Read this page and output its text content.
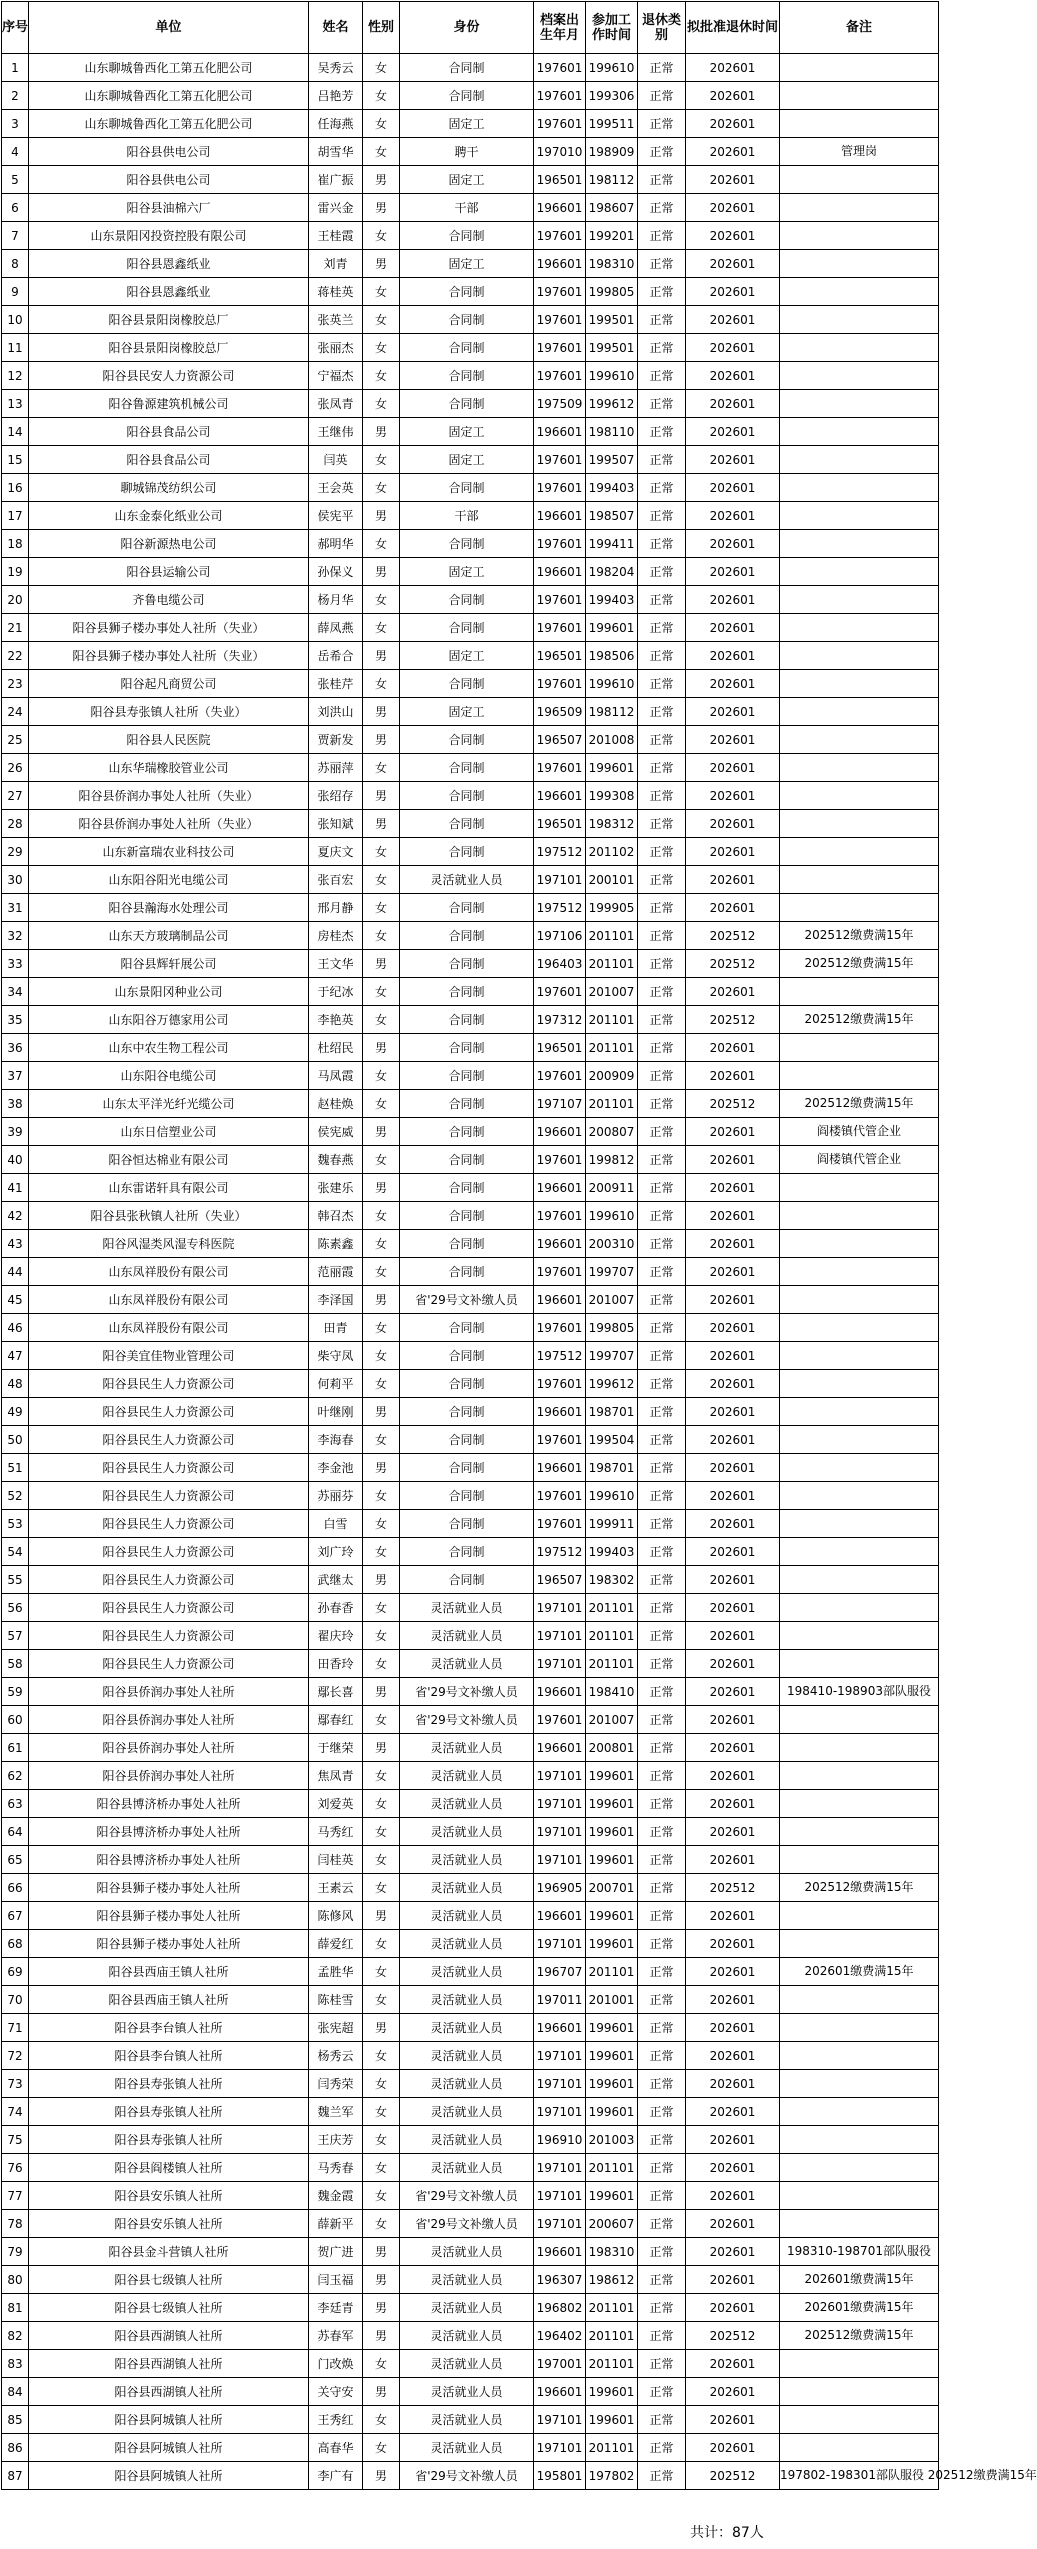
序号	单位	姓名	性别	身份	档案出生年月	参加工作时间	退休类别	拟批准退休时间	备注
1	山东聊城鲁西化工第五化肥公司	吴秀云	女	合同制	197601	199610	正常	202601	
2	山东聊城鲁西化工第五化肥公司	吕艳芳	女	合同制	197601	199306	正常	202601	
3	山东聊城鲁西化工第五化肥公司	任海燕	女	固定工	197601	199511	正常	202601	
4	阳谷县供电公司	胡雪华	女	聘干	197010	198909	正常	202601	管理岗
5	阳谷县供电公司	崔广振	男	固定工	196501	198112	正常	202601	
6	阳谷县油棉六厂	雷兴金	男	干部	196601	198607	正常	202601	
7	山东景阳冈投资控股有限公司	王桂霞	女	合同制	197601	199201	正常	202601	
8	阳谷县恩鑫纸业	刘青	男	固定工	196601	198310	正常	202601	
9	阳谷县恩鑫纸业	蒋桂英	女	合同制	197601	199805	正常	202601	
10	阳谷县景阳岗橡胶总厂	张英兰	女	合同制	197601	199501	正常	202601	
11	阳谷县景阳岗橡胶总厂	张丽杰	女	合同制	197601	199501	正常	202601	
12	阳谷县民安人力资源公司	宁福杰	女	合同制	197601	199610	正常	202601	
13	阳谷鲁源建筑机械公司	张凤青	女	合同制	197509	199612	正常	202601	
14	阳谷县食品公司	王继伟	男	固定工	196601	198110	正常	202601	
15	阳谷县食品公司	闫英	女	固定工	197601	199507	正常	202601	
16	聊城锦茂纺织公司	王会英	女	合同制	197601	199403	正常	202601	
17	山东金泰化纸业公司	侯宪平	男	干部	196601	198507	正常	202601	
18	阳谷新源热电公司	郝明华	女	合同制	197601	199411	正常	202601	
19	阳谷县运输公司	孙保义	男	固定工	196601	198204	正常	202601	
20	齐鲁电缆公司	杨月华	女	合同制	197601	199403	正常	202601	
21	阳谷县狮子楼办事处人社所（失业）	薛凤燕	女	合同制	197601	199601	正常	202601	
22	阳谷县狮子楼办事处人社所（失业）	岳希合	男	固定工	196501	198506	正常	202601	
23	阳谷起凡商贸公司	张桂芹	女	合同制	197601	199610	正常	202601	
24	阳谷县寿张镇人社所（失业）	刘洪山	男	固定工	196509	198112	正常	202601	
25	阳谷县人民医院	贾新发	男	合同制	196507	201008	正常	202601	
26	山东华瑞橡胶管业公司	苏丽萍	女	合同制	197601	199601	正常	202601	
27	阳谷县侨润办事处人社所（失业）	张绍存	男	合同制	196601	199308	正常	202601	
28	阳谷县侨润办事处人社所（失业）	张知斌	男	合同制	196501	198312	正常	202601	
29	山东新富瑞农业科技公司	夏庆文	女	合同制	197512	201102	正常	202601	
30	山东阳谷阳光电缆公司	张百宏	女	灵活就业人员	197101	200101	正常	202601	
31	阳谷县瀚海水处理公司	邢月静	女	合同制	197512	199905	正常	202601	
32	山东天方玻璃制品公司	房桂杰	女	合同制	197106	201101	正常	202512	202512缴费满15年
33	阳谷县辉轩展公司	王文华	男	合同制	196403	201101	正常	202512	202512缴费满15年
34	山东景阳冈种业公司	于纪冰	女	合同制	197601	201007	正常	202601	
35	山东阳谷万德家用公司	李艳英	女	合同制	197312	201101	正常	202512	202512缴费满15年
36	山东中农生物工程公司	杜绍民	男	合同制	196501	201101	正常	202601	
37	山东阳谷电缆公司	马凤霞	女	合同制	197601	200909	正常	202601	
38	山东太平洋光纤光缆公司	赵桂焕	女	合同制	197107	201101	正常	202512	202512缴费满15年
39	山东日信塑业公司	侯宪威	男	合同制	196601	200807	正常	202601	阎楼镇代管企业
40	阳谷恒达棉业有限公司	魏春燕	女	合同制	197601	199812	正常	202601	阎楼镇代管企业
41	山东雷诺轩具有限公司	张建乐	男	合同制	196601	200911	正常	202601	
42	阳谷县张秋镇人社所（失业）	韩召杰	女	合同制	197601	199610	正常	202601	
43	阳谷风湿类风湿专科医院	陈素鑫	女	合同制	196601	200310	正常	202601	
44	山东凤祥股份有限公司	范丽霞	女	合同制	197601	199707	正常	202601	
45	山东凤祥股份有限公司	李泽国	男	省'29号文补缴人员	196601	201007	正常	202601	
46	山东凤祥股份有限公司	田青	女	合同制	197601	199805	正常	202601	
47	阳谷美宜佳物业管理公司	柴守凤	女	合同制	197512	199707	正常	202601	
48	阳谷县民生人力资源公司	何莉平	女	合同制	197601	199612	正常	202601	
49	阳谷县民生人力资源公司	叶继刚	男	合同制	196601	198701	正常	202601	
50	阳谷县民生人力资源公司	李海春	女	合同制	197601	199504	正常	202601	
51	阳谷县民生人力资源公司	李金池	男	合同制	196601	198701	正常	202601	
52	阳谷县民生人力资源公司	苏丽芬	女	合同制	197601	199610	正常	202601	
53	阳谷县民生人力资源公司	白雪	女	合同制	197601	199911	正常	202601	
54	阳谷县民生人力资源公司	刘广玲	女	合同制	197512	199403	正常	202601	
55	阳谷县民生人力资源公司	武继太	男	合同制	196507	198302	正常	202601	
56	阳谷县民生人力资源公司	孙春香	女	灵活就业人员	197101	201101	正常	202601	
57	阳谷县民生人力资源公司	翟庆玲	女	灵活就业人员	197101	201101	正常	202601	
58	阳谷县民生人力资源公司	田香玲	女	灵活就业人员	197101	201101	正常	202601	
59	阳谷县侨润办事处人社所	鄢长喜	男	省'29号文补缴人员	196601	198410	正常	202601	198410-198903部队服役
60	阳谷县侨润办事处人社所	鄢春红	女	省'29号文补缴人员	197601	201007	正常	202601	
61	阳谷县侨润办事处人社所	于继荣	男	灵活就业人员	196601	200801	正常	202601	
62	阳谷县侨润办事处人社所	焦凤青	女	灵活就业人员	197101	199601	正常	202601	
63	阳谷县博济桥办事处人社所	刘爱英	女	灵活就业人员	197101	199601	正常	202601	
64	阳谷县博济桥办事处人社所	马秀红	女	灵活就业人员	197101	199601	正常	202601	
65	阳谷县博济桥办事处人社所	闫桂英	女	灵活就业人员	197101	199601	正常	202601	
66	阳谷县狮子楼办事处人社所	王素云	女	灵活就业人员	196905	200701	正常	202512	202512缴费满15年
67	阳谷县狮子楼办事处人社所	陈修风	男	灵活就业人员	196601	199601	正常	202601	
68	阳谷县狮子楼办事处人社所	薛爱红	女	灵活就业人员	197101	199601	正常	202601	
69	阳谷县西庙王镇人社所	孟胜华	女	灵活就业人员	196707	201101	正常	202601	202601缴费满15年
70	阳谷县西庙王镇人社所	陈桂雪	女	灵活就业人员	197011	201001	正常	202601	
71	阳谷县李台镇人社所	张宪超	男	灵活就业人员	196601	199601	正常	202601	
72	阳谷县李台镇人社所	杨秀云	女	灵活就业人员	197101	199601	正常	202601	
73	阳谷县寿张镇人社所	闫秀荣	女	灵活就业人员	197101	199601	正常	202601	
74	阳谷县寿张镇人社所	魏兰军	女	灵活就业人员	197101	199601	正常	202601	
75	阳谷县寿张镇人社所	王庆芳	女	灵活就业人员	196910	201003	正常	202601	
76	阳谷县阎楼镇人社所	马秀春	女	灵活就业人员	197101	201101	正常	202601	
77	阳谷县安乐镇人社所	魏金霞	女	省'29号文补缴人员	197101	199601	正常	202601	
78	阳谷县安乐镇人社所	薛新平	女	省'29号文补缴人员	197101	200607	正常	202601	
79	阳谷县金斗营镇人社所	贺广进	男	灵活就业人员	196601	198310	正常	202601	198310-198701部队服役
80	阳谷县七级镇人社所	闫玉福	男	灵活就业人员	196307	198612	正常	202601	202601缴费满15年
81	阳谷县七级镇人社所	李廷青	男	灵活就业人员	196802	201101	正常	202601	202601缴费满15年
82	阳谷县西湖镇人社所	苏春军	男	灵活就业人员	196402	201101	正常	202512	202512缴费满15年
83	阳谷县西湖镇人社所	门改焕	女	灵活就业人员	197001	201101	正常	202601	
84	阳谷县西湖镇人社所	关守安	男	灵活就业人员	196601	199601	正常	202601	
85	阳谷县阿城镇人社所	王秀红	女	灵活就业人员	197101	199601	正常	202601	
86	阳谷县阿城镇人社所	高春华	女	灵活就业人员	197101	201101	正常	202601	
87	阳谷县阿城镇人社所	李广有	男	省'29号文补缴人员	195801	197802	正常	202512	197802-198301部队服役 202512缴费满15年
共计：87人
